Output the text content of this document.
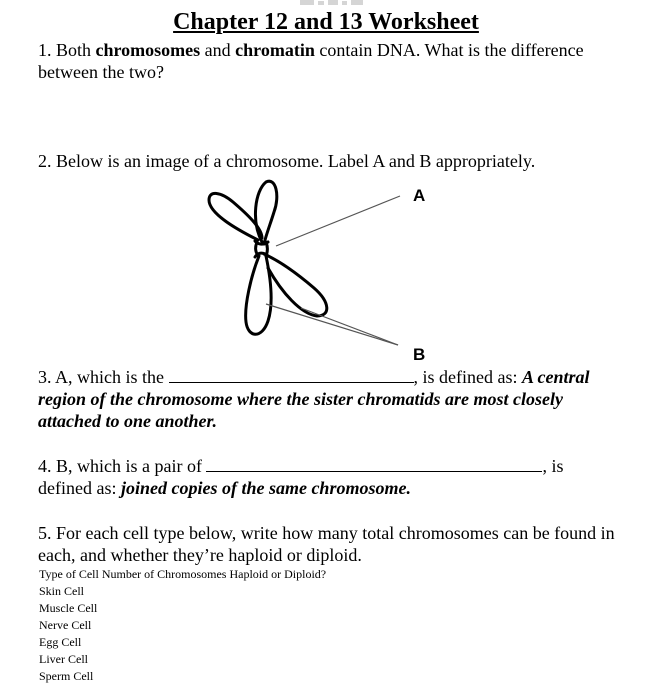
Chapter 12 and 13 Worksheet
1. Both chromosomes and chromatin contain DNA. What is the difference between the two?
2. Below is an image of a chromosome. Label A and B appropriately.
A
B
3. A, which is the	, is defined as: A central
region of the chromosome where the sister chromatids are most closely attached to one another.
4. B, which is a pair of	, is
defined as: joined copies of the same chromosome.
5. For each cell type below, write how many total chromosomes can be found in each, and whether they’re haploid or diploid.
Type of Cell Number of Chromosomes Haploid or Diploid?
Skin Cell
Muscle Cell
Nerve Cell
Egg Cell
Liver Cell
Sperm Cell
